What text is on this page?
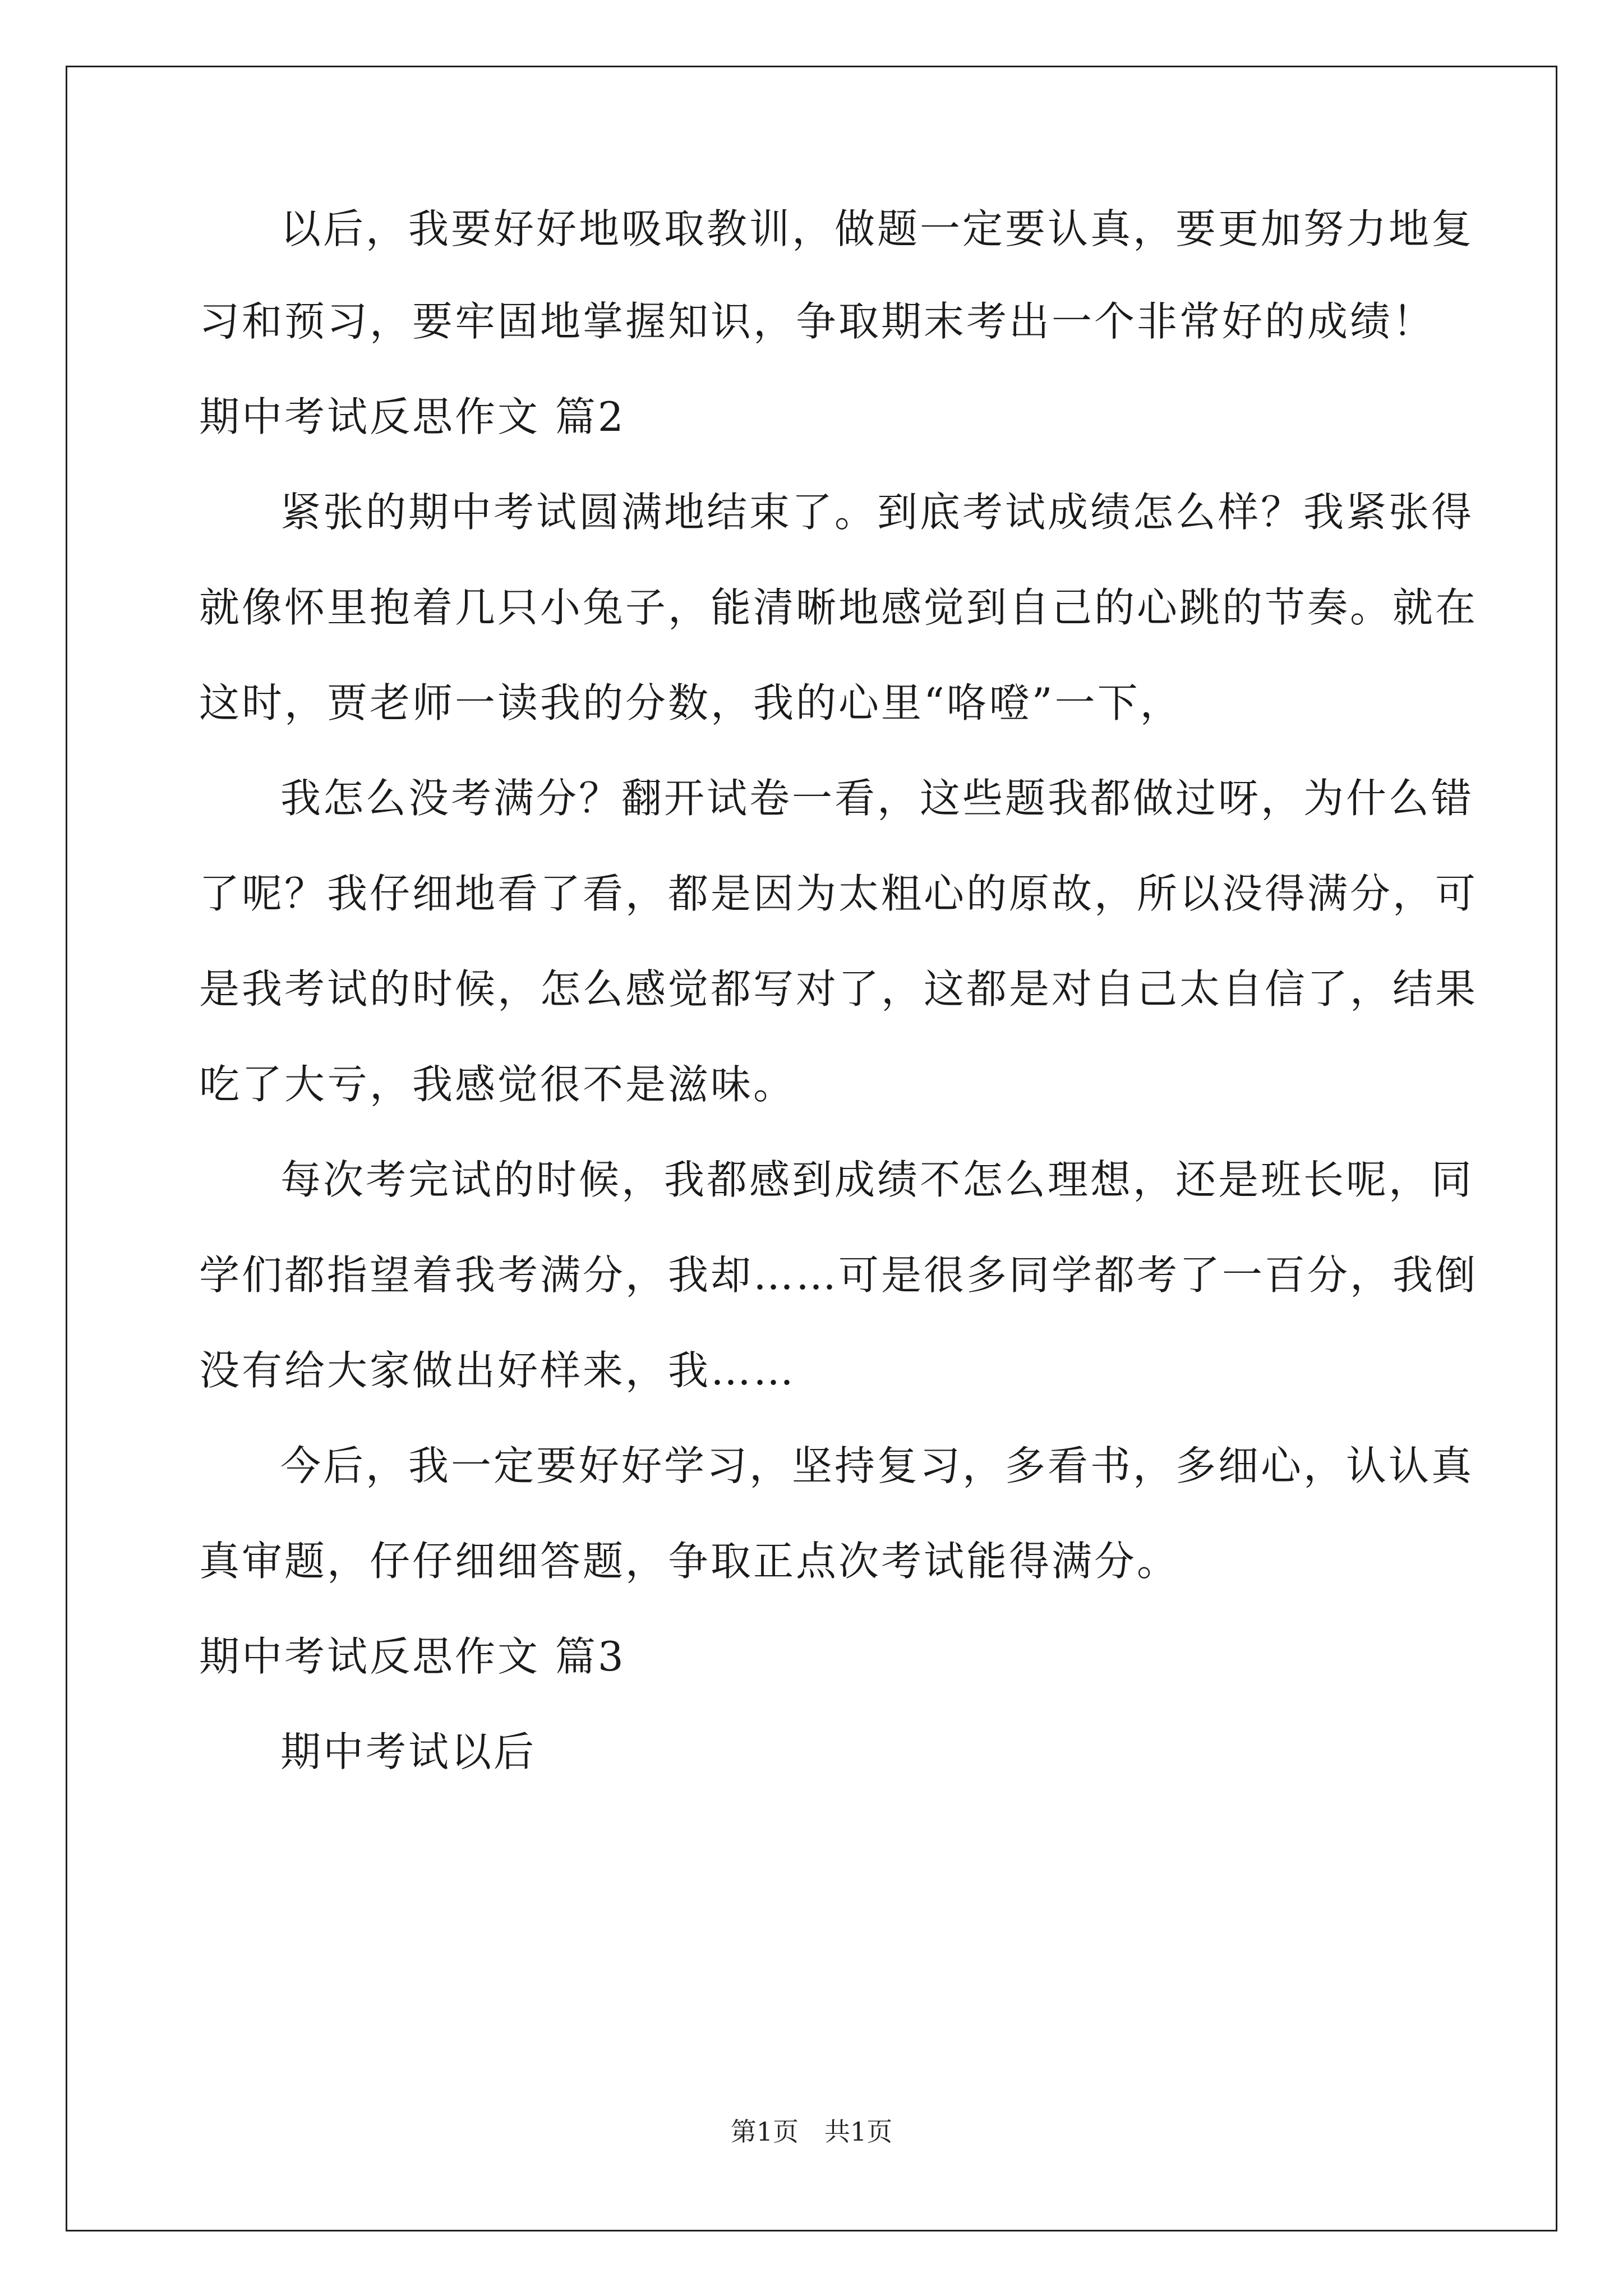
以后，我要好好地吸取教训，做题一定要认真，要更加努力地复
习和预习，要牢固地掌握知识，争取期末考出一个非常好的成绩！
期中考试反思作文 篇2
紧张的期中考试圆满地结束了。到底考试成绩怎么样？我紧张得
就像怀里抱着几只小兔子，能清晰地感觉到自己的心跳的节奏。就在
这时，贾老师一读我的分数，我的心里“咯噔”一下，
我怎么没考满分？翻开试卷一看，这些题我都做过呀，为什么错
了呢？我仔细地看了看，都是因为太粗心的原故，所以没得满分，可
是我考试的时候，怎么感觉都写对了，这都是对自己太自信了，结果
吃了大亏，我感觉很不是滋味。
每次考完试的时候，我都感到成绩不怎么理想，还是班长呢，同
学们都指望着我考满分，我却……可是很多同学都考了一百分，我倒
没有给大家做出好样来，我……
今后，我一定要好好学习，坚持复习，多看书，多细心，认认真
真审题，仔仔细细答题，争取正点次考试能得满分。
期中考试反思作文 篇3
期中考试以后
第1页　共1页
